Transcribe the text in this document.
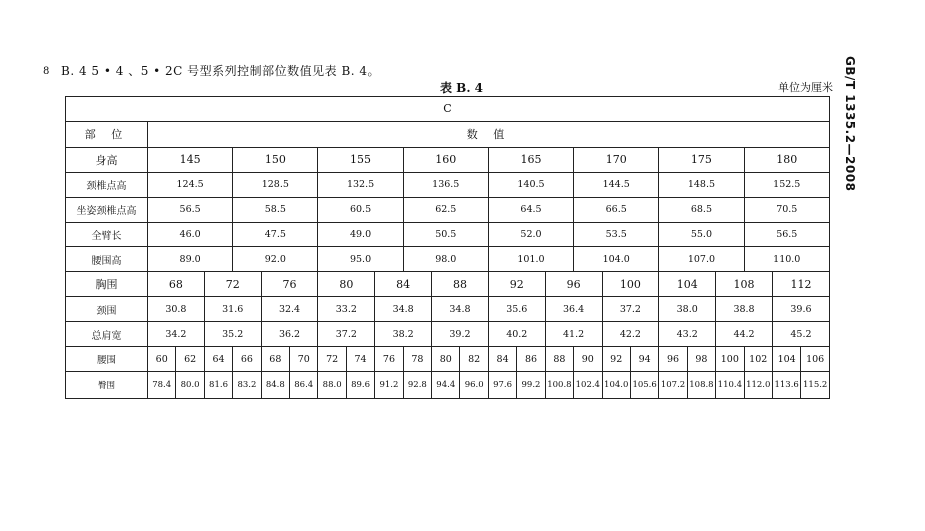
8 B. 4 5 • 4 、5 • 2C 号型系列控制部位数值见表 B. 4。
表 B. 4	单位为厘米 GB/T 1335.2—2008
C																								
部 位	数 值																							
身高	145			150			155			160			165			170			175			180		
颈椎点高	124.5			128.5			132.5			136.5			140.5			144.5			148.5			152.5		
坐姿颈椎点高	56.5			58.5			60.5			62.5			64.5			66.5			68.5			70.5		
全臂长	46.0			47.5			49.0			50.5			52.0			53.5			55.0			56.5		
腰围高	89.0			92.0			95.0			98.0			101.0			104.0			107.0			110.0		
胸围	68		72		76		80		84		88		92		96		100		104		108		112	
颈围	30.8		31.6		32.4		33.2		34.8		34.8		35.6		36.4		37.2		38.0		38.8		39.6	
总肩宽	34.2		35.2		36.2		37.2		38.2		39.2		40.2		41.2		42.2		43.2		44.2		45.2	
腰围	60	62	64	66	68	70	72	74	76	78	80	82	84	86	88	90	92	94	96	98	100	102	104	106
臀围	78.4	80.0	81.6	83.2	84.8	86.4	88.0	89.6	91.2	92.8	94.4	96.0	97.6	99.2	100.8	102.4	104.0	105.6	107.2	108.8	110.4	112.0	113.6	115.2
